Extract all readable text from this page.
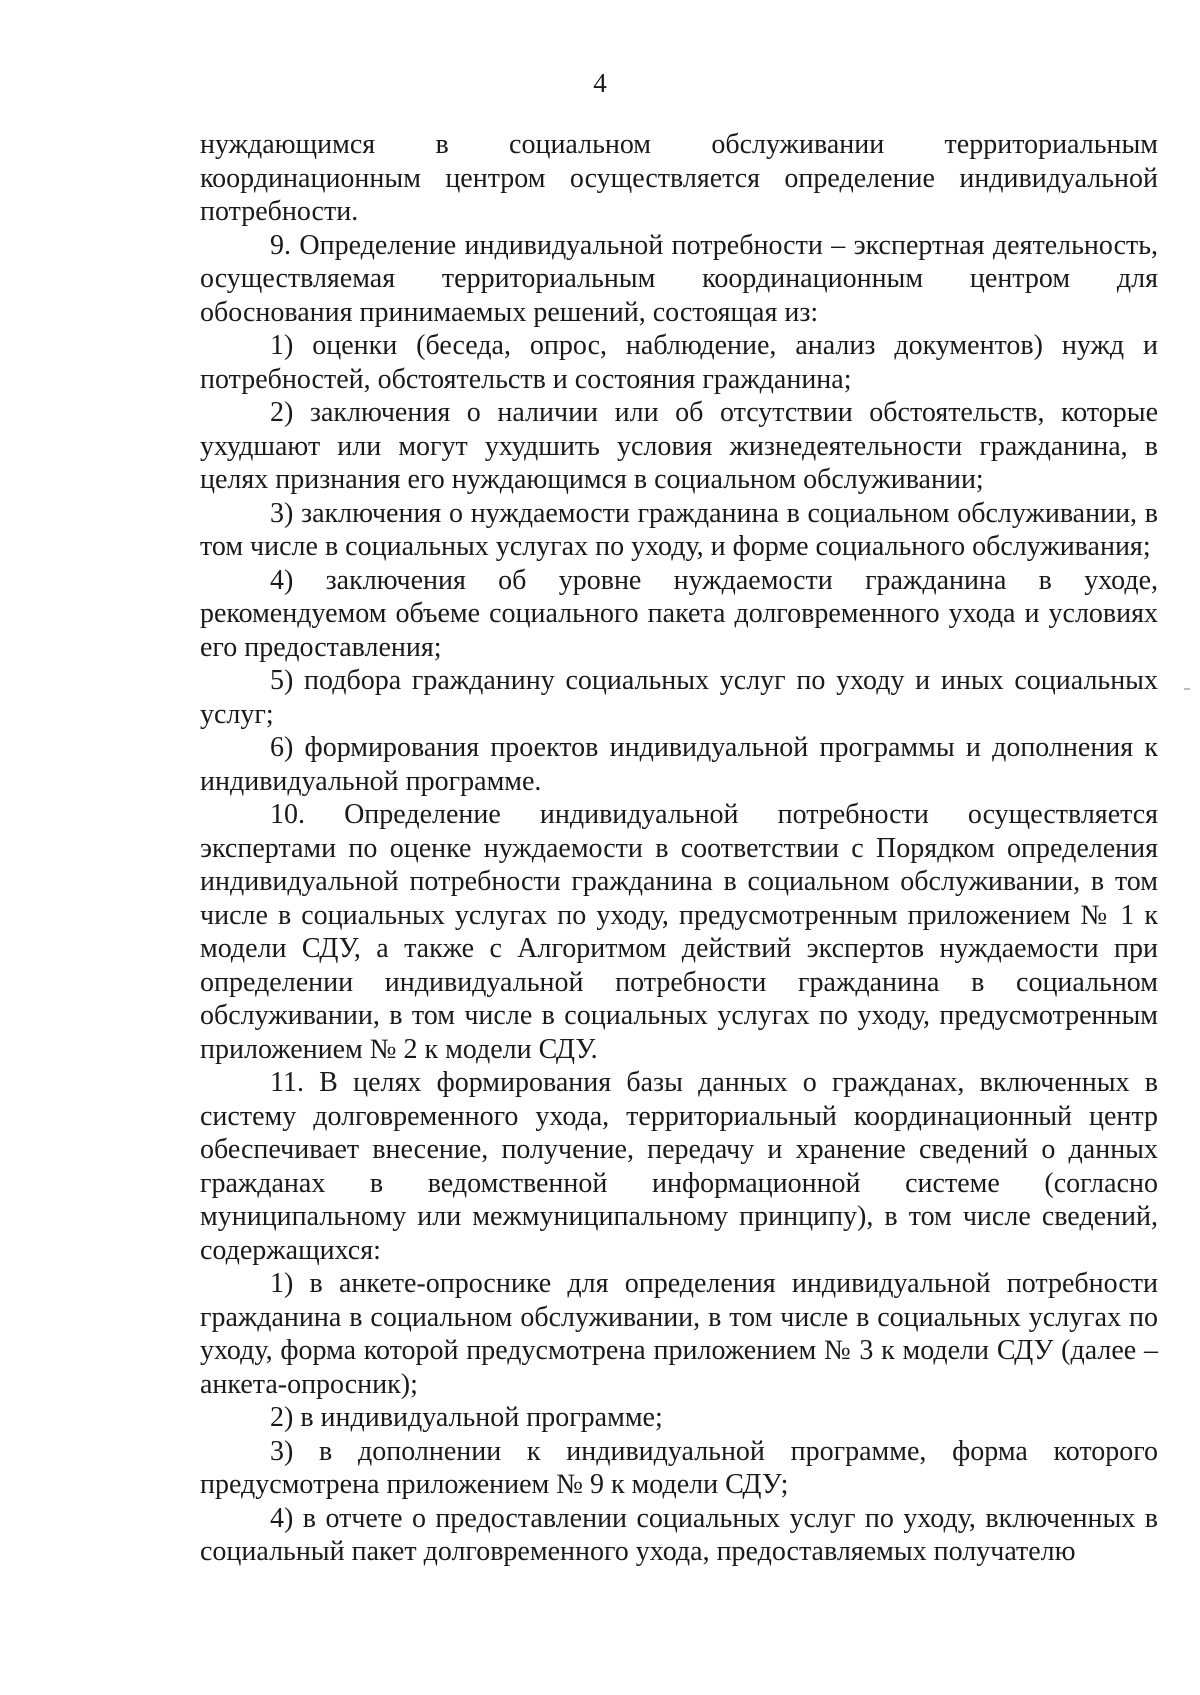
4

нуждающимся в социальном обслуживании территориальным координационным центром осуществляется определение индивидуальной потребности.

9. Определение индивидуальной потребности – экспертная деятельность, осуществляемая территориальным координационным центром для обоснования принимаемых решений, состоящая из:

1) оценки (беседа, опрос, наблюдение, анализ документов) нужд и потребностей, обстоятельств и состояния гражданина;

2) заключения о наличии или об отсутствии обстоятельств, которые ухудшают или могут ухудшить условия жизнедеятельности гражданина, в целях признания его нуждающимся в социальном обслуживании;

3) заключения о нуждаемости гражданина в социальном обслуживании, в том числе в социальных услугах по уходу, и форме социального обслуживания;

4) заключения об уровне нуждаемости гражданина в уходе, рекомендуемом объеме социального пакета долговременного ухода и условиях его предоставления;

5) подбора гражданину социальных услуг по уходу и иных социальных услуг;

6) формирования проектов индивидуальной программы и дополнения к индивидуальной программе.

10. Определение индивидуальной потребности осуществляется экспертами по оценке нуждаемости в соответствии с Порядком определения индивидуальной потребности гражданина в социальном обслуживании, в том числе в социальных услугах по уходу, предусмотренным приложением № 1 к модели СДУ, а также с Алгоритмом действий экспертов нуждаемости при определении индивидуальной потребности гражданина в социальном обслуживании, в том числе в социальных услугах по уходу, предусмотренным приложением № 2 к модели СДУ.

11. В целях формирования базы данных о гражданах, включенных в систему долговременного ухода, территориальный координационный центр обеспечивает внесение, получение, передачу и хранение сведений о данных гражданах в ведомственной информационной системе (согласно муниципальному или межмуниципальному принципу), в том числе сведений, содержащихся:

1) в анкете-опроснике для определения индивидуальной потребности гражданина в социальном обслуживании, в том числе в социальных услугах по уходу, форма которой предусмотрена приложением № 3 к модели СДУ (далее – анкета-опросник);

2) в индивидуальной программе;

3) в дополнении к индивидуальной программе, форма которого предусмотрена приложением № 9 к модели СДУ;

4) в отчете о предоставлении социальных услуг по уходу, включенных в социальный пакет долговременного ухода, предоставляемых получателю
